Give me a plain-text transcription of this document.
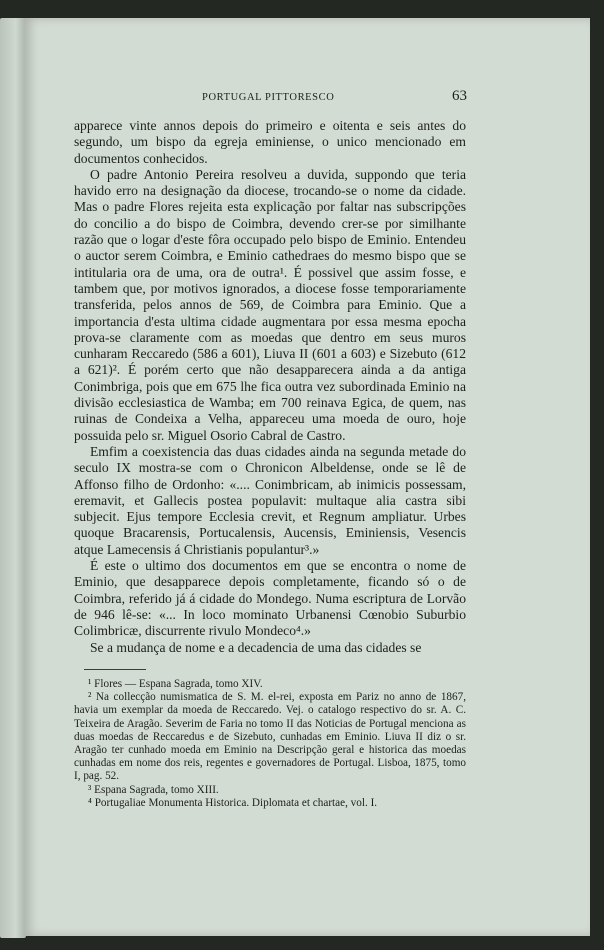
PORTUGAL PITTORESCO	63

apparece vinte annos depois do primeiro e oitenta e seis antes do segundo, um bispo da egreja eminiense, o unico mencionado em documentos conhecidos.

O padre Antonio Pereira resolveu a duvida, suppondo que teria havido erro na designação da diocese, trocando-se o nome da cidade. Mas o padre Flores rejeita esta explicação por faltar nas subscripções do concilio a do bispo de Coimbra, devendo crer-se por similhante razão que o logar d'este fôra occupado pelo bispo de Eminio. Entendeu o auctor serem Coimbra, e Eminio cathedraes do mesmo bispo que se intitularia ora de uma, ora de outra¹. É possivel que assim fosse, e tambem que, por motivos ignorados, a diocese fosse temporariamente transferida, pelos annos de 569, de Coimbra para Eminio. Que a importancia d'esta ultima cidade augmentara por essa mesma epocha prova-se claramente com as moedas que dentro em seus muros cunharam Reccaredo (586 a 601), Liuva II (601 a 603) e Sizebuto (612 a 621)². É porém certo que não desapparecera ainda a da antiga Conimbriga, pois que em 675 lhe fica outra vez subordinada Eminio na divisão ecclesiastica de Wamba; em 700 reinava Egica, de quem, nas ruinas de Condeixa a Velha, appareceu uma moeda de ouro, hoje possuida pelo sr. Miguel Osorio Cabral de Castro.

Emfim a coexistencia das duas cidades ainda na segunda metade do seculo IX mostra-se com o Chronicon Albeldense, onde se lê de Affonso filho de Ordonho: «.... Conimbricam, ab inimicis possessam, eremavit, et Gallecis postea populavit: multaque alia castra sibi subjecit. Ejus tempore Ecclesia crevit, et Regnum ampliatur. Urbes quoque Bracarensis, Portucalensis, Aucensis, Eminiensis, Vesencis atque Lamecensis á Christianis populantur³.»

É este o ultimo dos documentos em que se encontra o nome de Eminio, que desapparece depois completamente, ficando só o de Coimbra, referido já á cidade do Mondego. Numa escriptura de Lorvão de 946 lê-se: «... In loco mominato Urbanensi Cœnobio Suburbio Colimbricæ, discurrente rivulo Mondeco⁴.»

Se a mudança de nome e a decadencia de uma das cidades se

¹ Flores — Espana Sagrada, tomo XIV.

² Na collecção numismatica de S. M. el-rei, exposta em Pariz no anno de 1867, havia um exemplar da moeda de Reccaredo. Vej. o catalogo respectivo do sr. A. C. Teixeira de Aragão. Severim de Faria no tomo II das Noticias de Portugal menciona as duas moedas de Reccaredus e de Sizebuto, cunhadas em Eminio. Liuva II diz o sr. Aragão ter cunhado moeda em Eminio na Descripção geral e historica das moedas cunhadas em nome dos reis, regentes e governadores de Portugal. Lisboa, 1875, tomo I, pag. 52.

³ Espana Sagrada, tomo XIII.

⁴ Portugaliae Monumenta Historica. Diplomata et chartae, vol. I.
